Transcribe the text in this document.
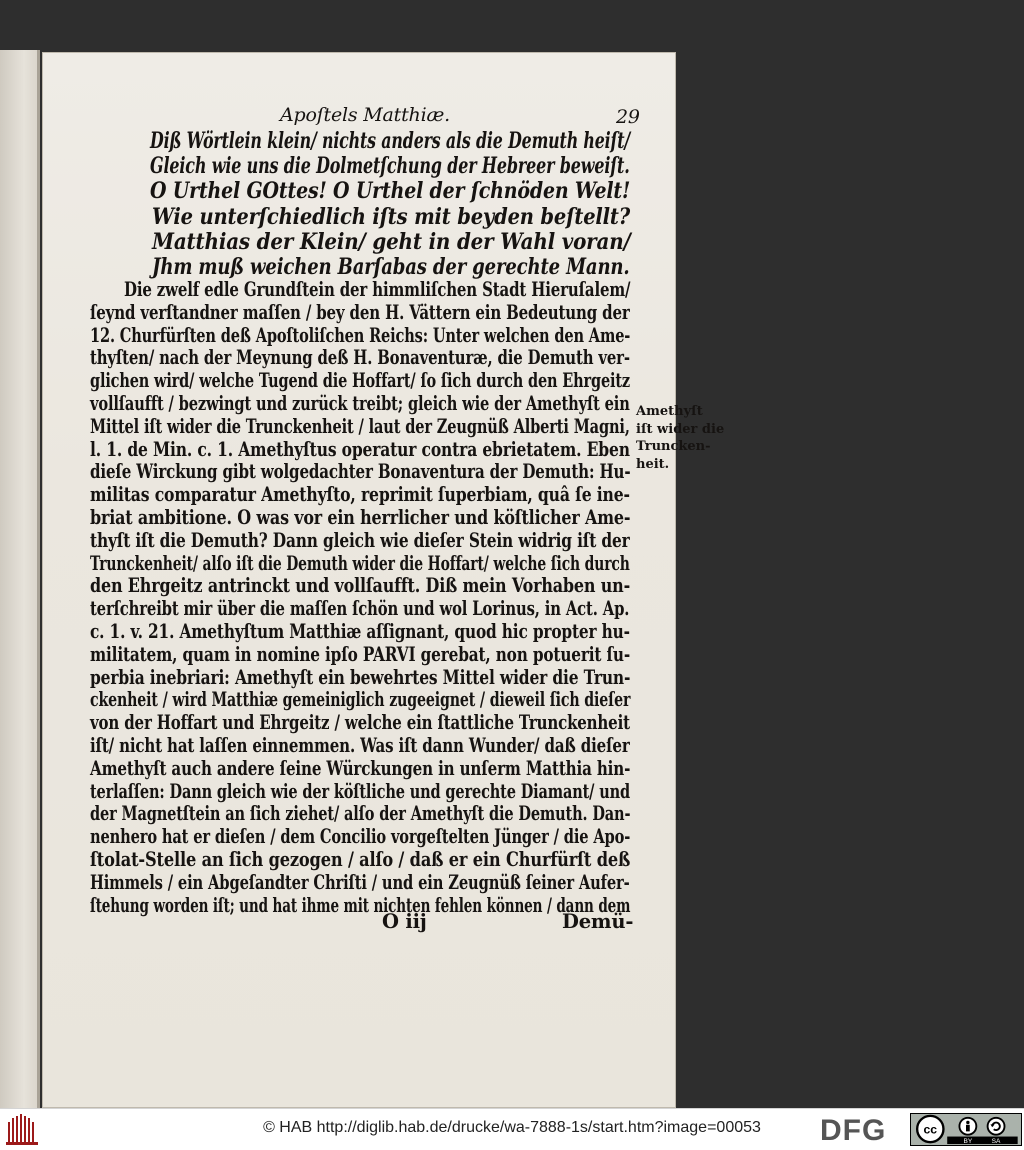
Apoſtels Matthiæ.	29
Diß Wörtlein klein/ nichts anders als die Demuth heiſt/
Gleich wie uns die Dolmetſchung der Hebreer beweiſt.
O Urthel GOttes! O Urthel der ſchnöden Welt!
Wie unterſchiedlich iſts mit beyden beſtellt?
Matthias der Klein/ geht in der Wahl voran/
Jhm muß weichen Barſabas der gerechte Mann.
Die zwelf edle Grundſtein der himmliſchen Stadt Hieruſalem/
ſeynd verſtandner maſſen / bey den H. Vättern ein Bedeutung der
12. Churfürſten deß Apoſtoliſchen Reichs: Unter welchen den Ame-
thyſten/ nach der Meynung deß H. Bonaventuræ, die Demuth ver-
glichen wird/ welche Tugend die Hoffart/ ſo ſich durch den Ehrgeitz
vollſaufft / bezwingt und zurück treibt; gleich wie der Amethyſt ein
Mittel iſt wider die Trunckenheit / laut der Zeugnüß Alberti Magni,
l. 1. de Min. c. 1. Amethyſtus operatur contra ebrietatem. Eben
dieſe Wirckung gibt wolgedachter Bonaventura der Demuth: Hu-
militas comparatur Amethyſto, reprimit ſuperbiam, quâ ſe ine-
briat ambitione. O was vor ein herrlicher und köſtlicher Ame-
thyſt iſt die Demuth? Dann gleich wie dieſer Stein widrig iſt der
Trunckenheit/ alſo iſt die Demuth wider die Hoffart/ welche ſich durch
den Ehrgeitz antrinckt und vollſaufft. Diß mein Vorhaben un-
terſchreibt mir über die maſſen ſchön und wol Lorinus, in Act. Ap.
c. 1. v. 21. Amethyſtum Matthiæ aſſignant, quod hic propter hu-
militatem, quam in nomine ipſo PARVI gerebat, non potuerit ſu-
perbia inebriari: Amethyſt ein bewehrtes Mittel wider die Trun-
ckenheit / wird Matthiæ gemeiniglich zugeeignet / dieweil ſich dieſer
von der Hoffart und Ehrgeitz / welche ein ſtattliche Trunckenheit
iſt/ nicht hat laſſen einnemmen. Was iſt dann Wunder/ daß dieſer
Amethyſt auch andere ſeine Würckungen in unſerm Matthia hin-
terlaſſen: Dann gleich wie der köſtliche und gerechte Diamant/ und
der Magnetſtein an ſich ziehet/ alſo der Amethyſt die Demuth. Dan-
nenhero hat er dieſen / dem Concilio vorgeſtelten Jünger / die Apo-
ſtolat-Stelle an ſich gezogen / alſo / daß er ein Churfürſt deß
Himmels / ein Abgeſandter Chriſti / und ein Zeugnüß ſeiner Aufer-
ſtehung worden iſt; und hat ihme mit nichten fehlen können / dann dem
Amethyſt
iſt wider die
Truncken-
heit.
O iij	Demü-
© HAB http://diglib.hab.de/drucke/wa-7888-1s/start.htm?image=00053	DFG	cc
BY	SA
